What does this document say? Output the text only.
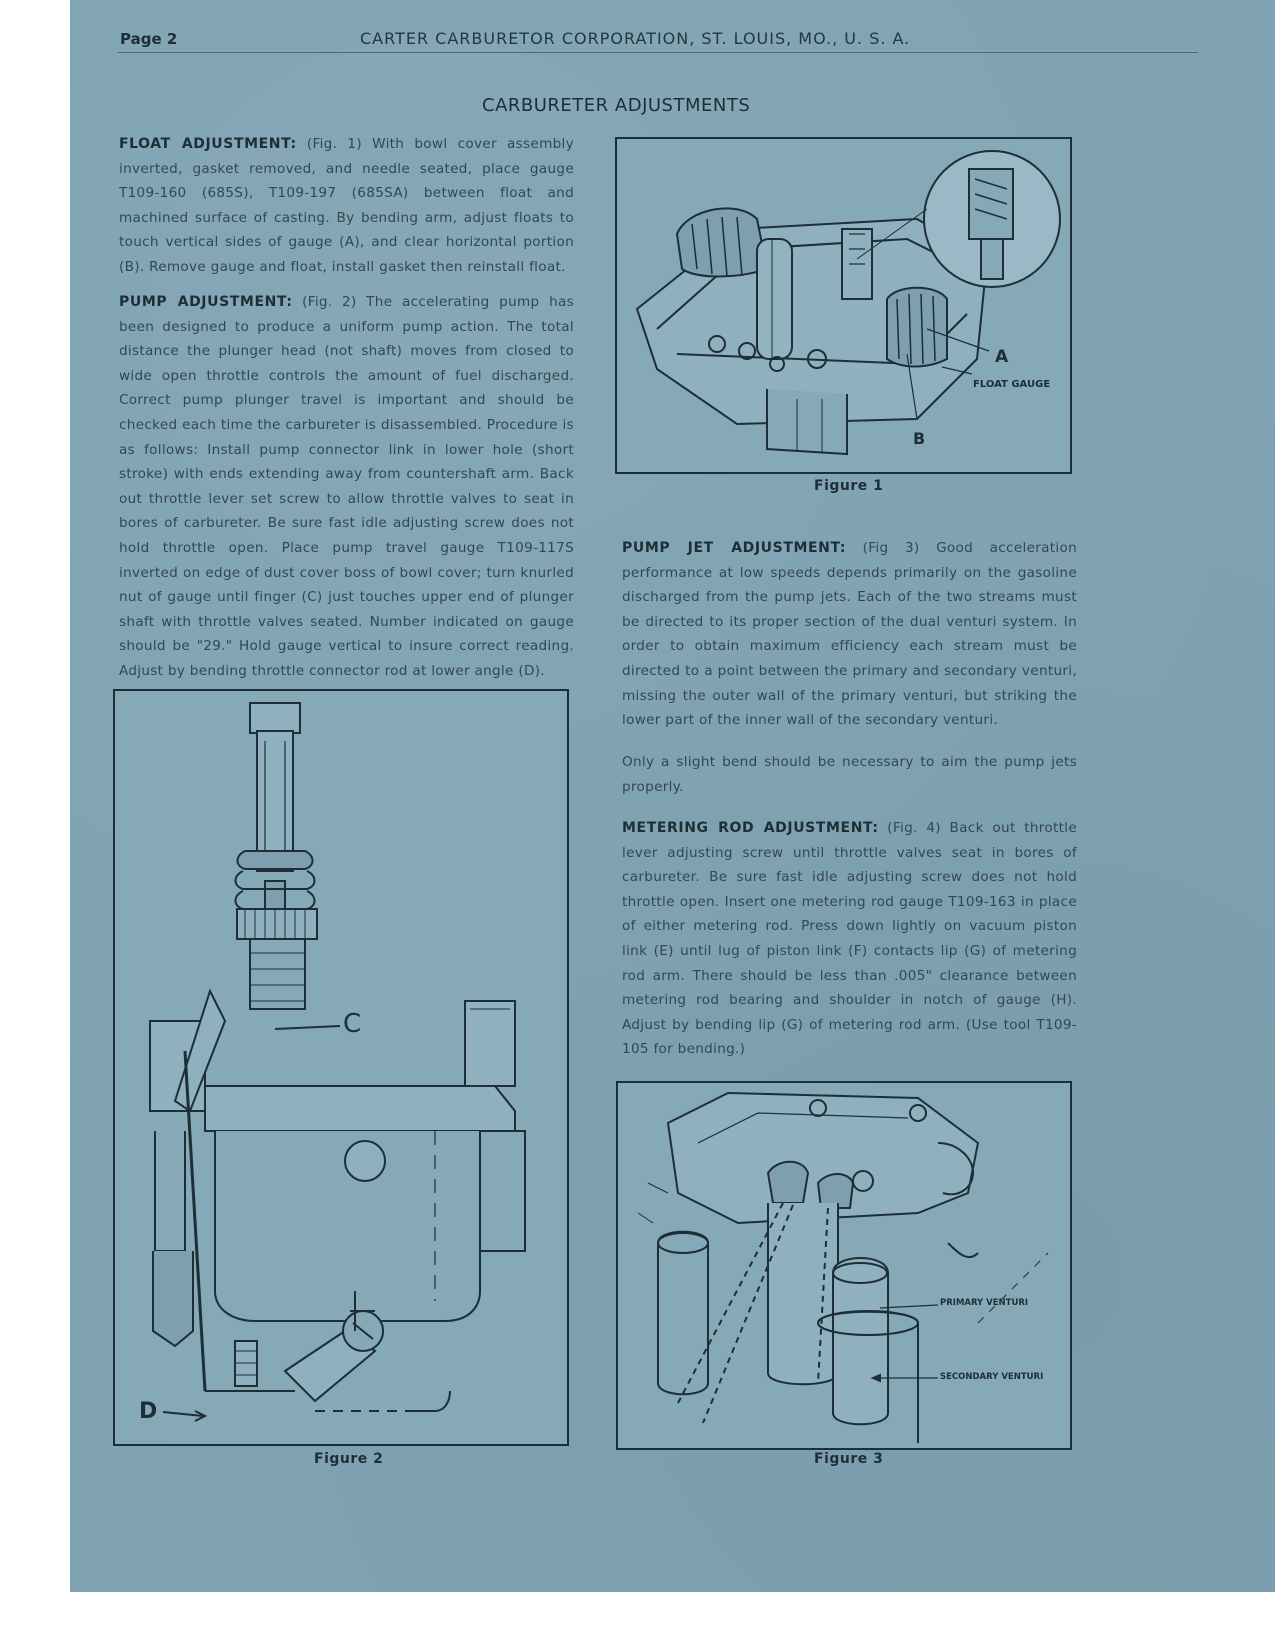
Page 2	CARTER CARBURETOR CORPORATION, ST. LOUIS, MO., U. S. A.
CARBURETER ADJUSTMENTS
FLOAT ADJUSTMENT: (Fig. 1) With bowl cover assembly inverted, gasket removed, and needle seated, place gauge T109-160 (685S), T109-197 (685SA) between float and machined surface of casting. By bending arm, adjust floats to touch vertical sides of gauge (A), and clear horizontal portion (B). Remove gauge and float, install gasket then reinstall float.
PUMP ADJUSTMENT: (Fig. 2) The accelerating pump has been designed to produce a uniform pump action. The total distance the plunger head (not shaft) moves from closed to wide open throttle controls the amount of fuel discharged. Correct pump plunger travel is important and should be checked each time the carbureter is disassembled. Procedure is as follows: Install pump connector link in lower hole (short stroke) with ends extending away from countershaft arm. Back out throttle lever set screw to allow throttle valves to seat in bores of carbureter. Be sure fast idle adjusting screw does not hold throttle open. Place pump travel gauge T109-117S inverted on edge of dust cover boss of bowl cover; turn knurled nut of gauge until finger (C) just touches upper end of plunger shaft with throttle valves seated. Number indicated on gauge should be "29." Hold gauge vertical to insure correct reading. Adjust by bending throttle connector rod at lower angle (D).
PUMP JET ADJUSTMENT: (Fig 3) Good acceleration performance at low speeds depends primarily on the gasoline discharged from the pump jets. Each of the two streams must be directed to its proper section of the dual venturi system. In order to obtain maximum efficiency each stream must be directed to a point between the primary and secondary venturi, missing the outer wall of the primary venturi, but striking the lower part of the inner wall of the secondary venturi.
Only a slight bend should be necessary to aim the pump jets properly.
METERING ROD ADJUSTMENT: (Fig. 4) Back out throttle lever adjusting screw until throttle valves seat in bores of carbureter. Be sure fast idle adjusting screw does not hold throttle open. Insert one metering rod gauge T109-163 in place of either metering rod. Press down lightly on vacuum piston link (E) until lug of piston link (F) contacts lip (G) of metering rod arm. There should be less than .005" clearance between metering rod bearing and shoulder in notch of gauge (H). Adjust by bending lip (G) of metering rod arm. (Use tool T109-105 for bending.)
A
FLOAT GAUGE
B
Figure 1
C
D
Figure 2
PRIMARY VENTURI
SECONDARY VENTURI
Figure 3
